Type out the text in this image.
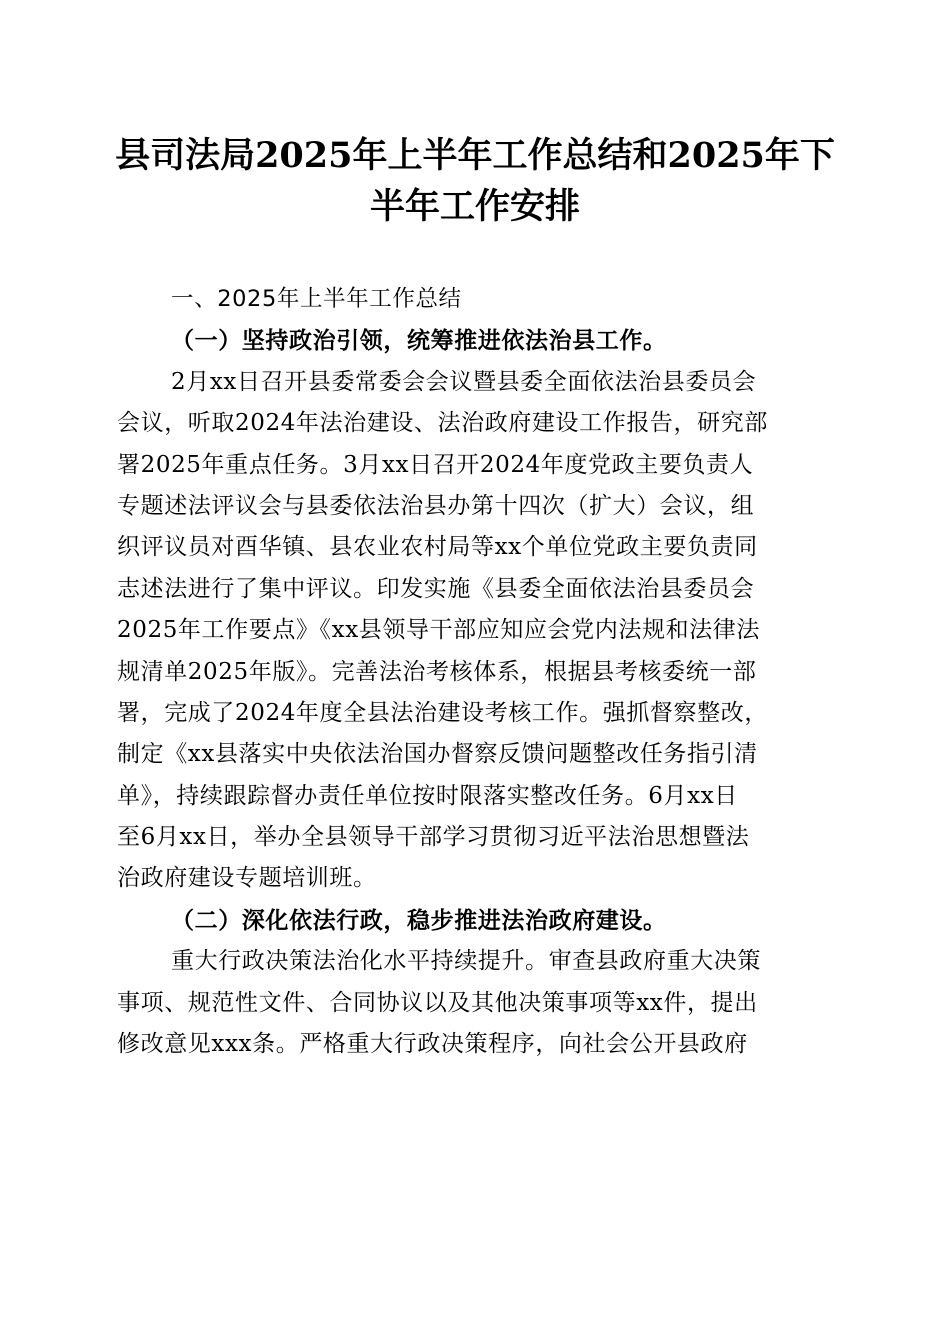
县司法局2025年上半年工作总结和2025年下
半年工作安排
一、2025年上半年工作总结
（一）坚持政治引领，统筹推进依法治县工作。
2月xx日召开县委常委会会议暨县委全面依法治县委员会
会议，听取2024年法治建设、法治政府建设工作报告，研究部
署2025年重点任务。3月xx日召开2024年度党政主要负责人
专题述法评议会与县委依法治县办第十四次（扩大）会议，组
织评议员对酉华镇、县农业农村局等xx个单位党政主要负责同
志述法进行了集中评议。印发实施《县委全面依法治县委员会
2025年工作要点》《xx县领导干部应知应会党内法规和法律法
规清单2025年版》。完善法治考核体系，根据县考核委统一部
署，完成了2024年度全县法治建设考核工作。强抓督察整改，
制定《xx县落实中央依法治国办督察反馈问题整改任务指引清
单》，持续跟踪督办责任单位按时限落实整改任务。6月xx日
至6月xx日，举办全县领导干部学习贯彻习近平法治思想暨法
治政府建设专题培训班。
（二）深化依法行政，稳步推进法治政府建设。
重大行政决策法治化水平持续提升。审查县政府重大决策
事项、规范性文件、合同协议以及其他决策事项等xx件，提出
修改意见xxx条。严格重大行政决策程序，向社会公开县政府
